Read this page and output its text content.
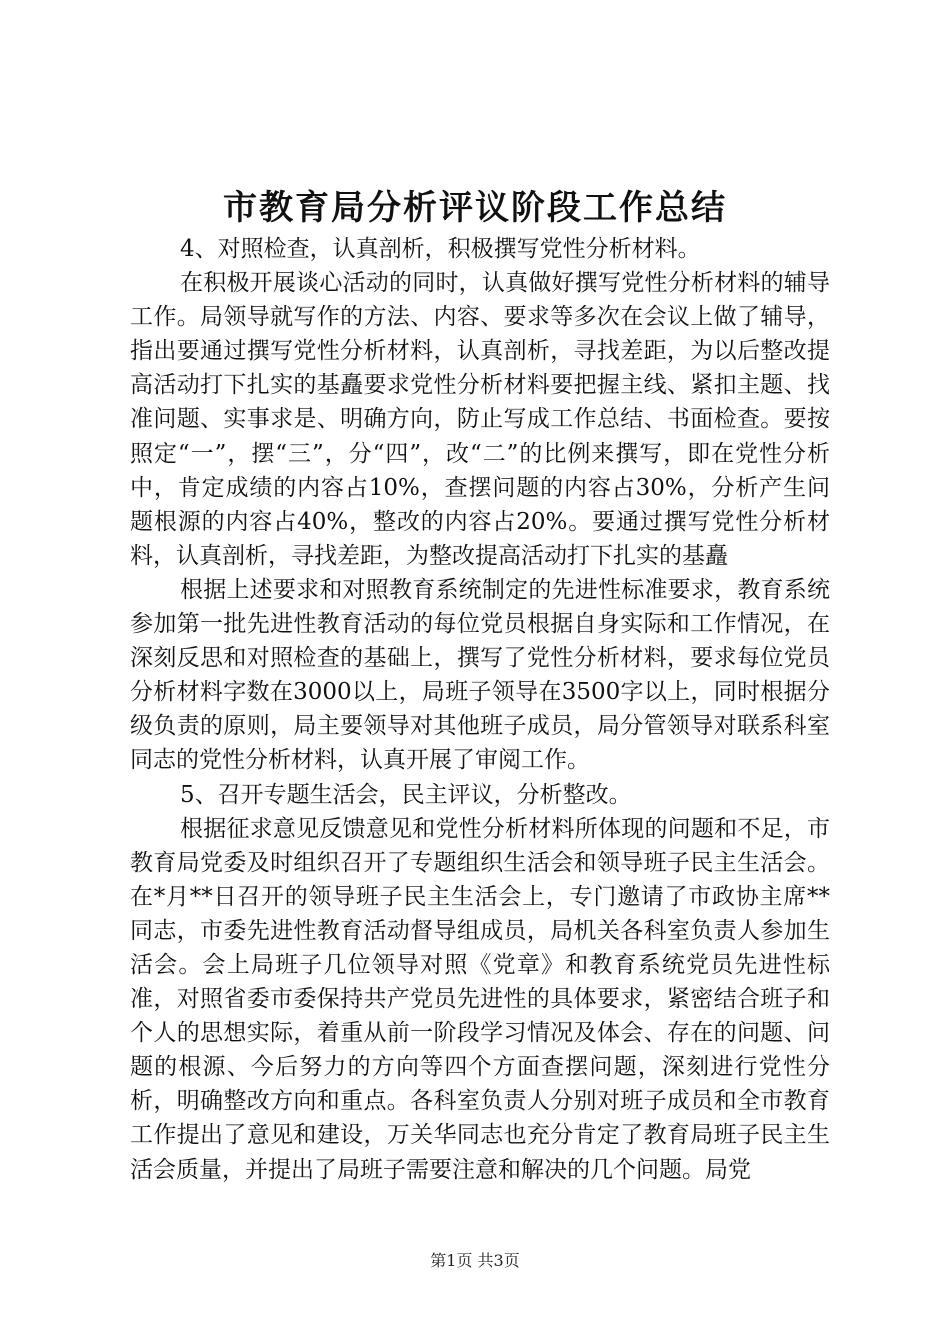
市教育局分析评议阶段工作总结

4、对照检查，认真剖析，积极撰写党性分析材料。

在积极开展谈心活动的同时，认真做好撰写党性分析材料的辅导工作。局领导就写作的方法、内容、要求等多次在会议上做了辅导，指出要通过撰写党性分析材料，认真剖析，寻找差距，为以后整改提高活动打下扎实的基矗要求党性分析材料要把握主线、紧扣主题、找准问题、实事求是、明确方向，防止写成工作总结、书面检查。要按照定“一”，摆“三”，分“四”，改“二”的比例来撰写，即在党性分析中，肯定成绩的内容占10%，查摆问题的内容占30%，分析产生问题根源的内容占40%，整改的内容占20%。要通过撰写党性分析材料，认真剖析，寻找差距，为整改提高活动打下扎实的基矗

根据上述要求和对照教育系统制定的先进性标准要求，教育系统参加第一批先进性教育活动的每位党员根据自身实际和工作情况，在深刻反思和对照检查的基础上，撰写了党性分析材料，要求每位党员分析材料字数在3000以上，局班子领导在3500字以上，同时根据分级负责的原则，局主要领导对其他班子成员，局分管领导对联系科室同志的党性分析材料，认真开展了审阅工作。

5、召开专题生活会，民主评议，分析整改。

根据征求意见反馈意见和党性分析材料所体现的问题和不足，市教育局党委及时组织召开了专题组织生活会和领导班子民主生活会。在*月**日召开的领导班子民主生活会上，专门邀请了市政协主席**同志，市委先进性教育活动督导组成员，局机关各科室负责人参加生活会。会上局班子几位领导对照《党章》和教育系统党员先进性标准，对照省委市委保持共产党员先进性的具体要求，紧密结合班子和个人的思想实际，着重从前一阶段学习情况及体会、存在的问题、问题的根源、今后努力的方向等四个方面查摆问题，深刻进行党性分析，明确整改方向和重点。各科室负责人分别对班子成员和全市教育工作提出了意见和建设，万关华同志也充分肯定了教育局班子民主生活会质量，并提出了局班子需要注意和解决的几个问题。局党

第1页 共3页
